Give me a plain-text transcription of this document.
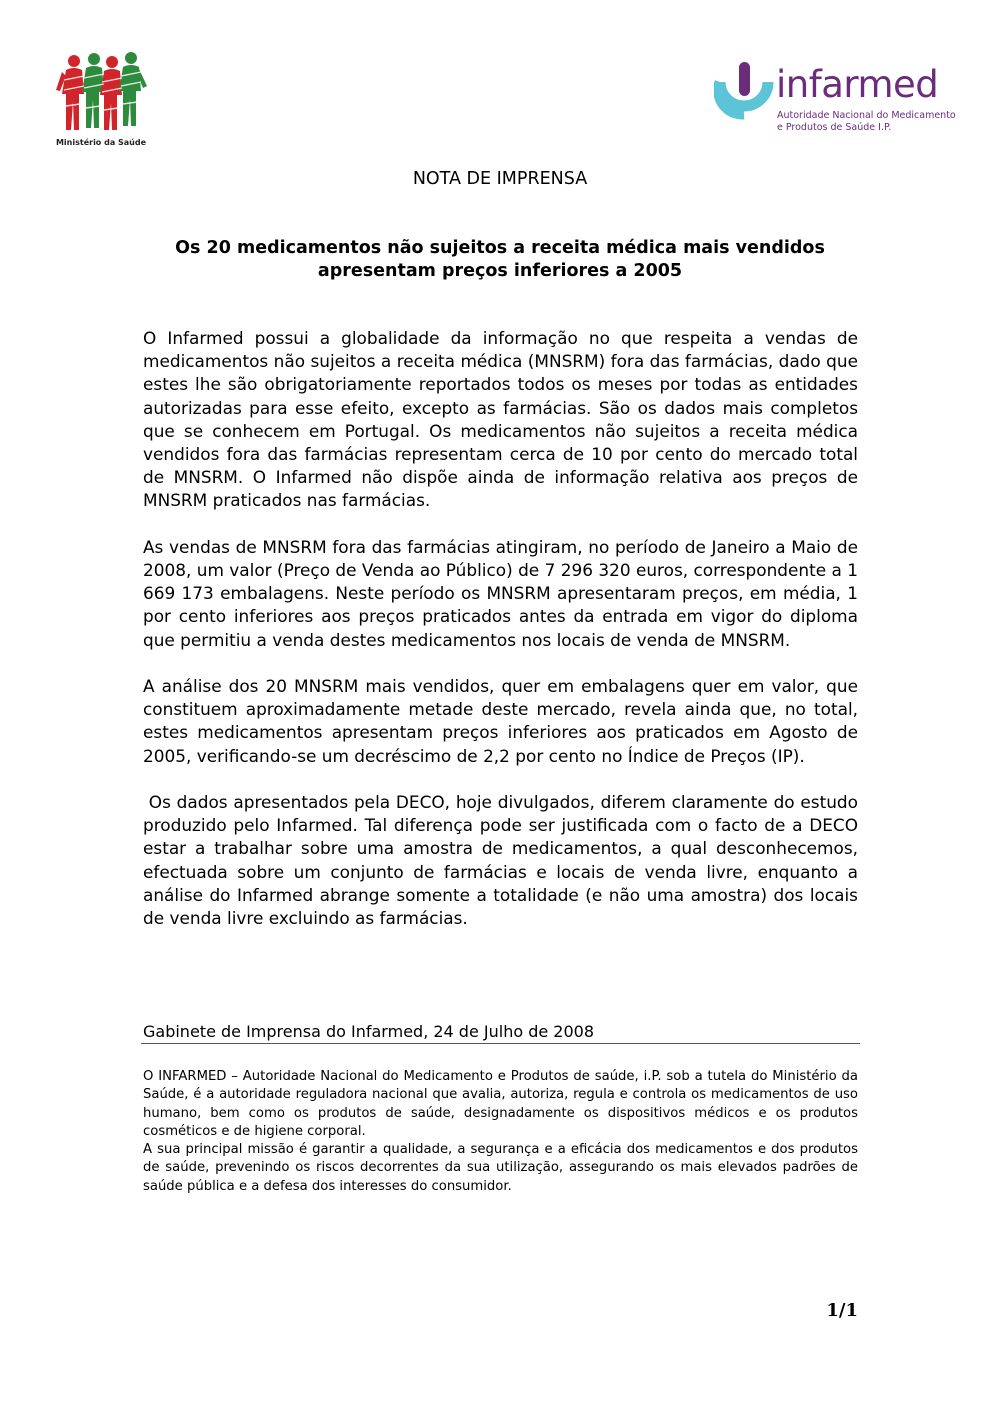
Ministério da Saúde
infarmed
Autoridade Nacional do Medicamento
e Produtos de Saúde I.P.
NOTA DE IMPRENSA
Os 20 medicamentos não sujeitos a receita médica mais vendidos
apresentam preços inferiores a 2005

O Infarmed possui a globalidade da informação no que respeita a vendas de medicamentos não sujeitos a receita médica (MNSRM) fora das farmácias, dado que estes lhe são obrigatoriamente reportados todos os meses por todas as entidades autorizadas para esse efeito, excepto as farmácias. São os dados mais completos que se conhecem em Portugal. Os medicamentos não sujeitos a receita médica vendidos fora das farmácias representam cerca de 10 por cento do mercado total de MNSRM. O Infarmed não dispõe ainda de informação relativa aos preços de MNSRM praticados nas farmácias.

As vendas de MNSRM fora das farmácias atingiram, no período de Janeiro a Maio de 2008, um valor (Preço de Venda ao Público) de 7 296 320 euros, correspondente a 1 669 173 embalagens. Neste período os MNSRM apresentaram preços, em média, 1 por cento inferiores aos preços praticados antes da entrada em vigor do diploma que permitiu a venda destes medicamentos nos locais de venda de MNSRM.

A análise dos 20 MNSRM mais vendidos, quer em embalagens quer em valor, que constituem aproximadamente metade deste mercado, revela ainda que, no total, estes medicamentos apresentam preços inferiores aos praticados em Agosto de 2005, verificando-se um decréscimo de 2,2 por cento no Índice de Preços (IP).

Os dados apresentados pela DECO, hoje divulgados, diferem claramente do estudo produzido pelo Infarmed. Tal diferença pode ser justificada com o facto de a DECO estar a trabalhar sobre uma amostra de medicamentos, a qual desconhecemos, efectuada sobre um conjunto de farmácias e locais de venda livre, enquanto a análise do Infarmed abrange somente a totalidade (e não uma amostra) dos locais de venda livre excluindo as farmácias.

Gabinete de Imprensa do Infarmed, 24 de Julho de 2008

O INFARMED – Autoridade Nacional do Medicamento e Produtos de saúde, i.P. sob a tutela do Ministério da Saúde, é a autoridade reguladora nacional que avalia, autoriza, regula e controla os medicamentos de uso humano, bem como os produtos de saúde, designadamente os dispositivos médicos e os produtos cosméticos e de higiene corporal.

A sua principal missão é garantir a qualidade, a segurança e a eficácia dos medicamentos e dos produtos de saúde, prevenindo os riscos decorrentes da sua utilização, assegurando os mais elevados padrões de saúde pública e a defesa dos interesses do consumidor.

1/1
